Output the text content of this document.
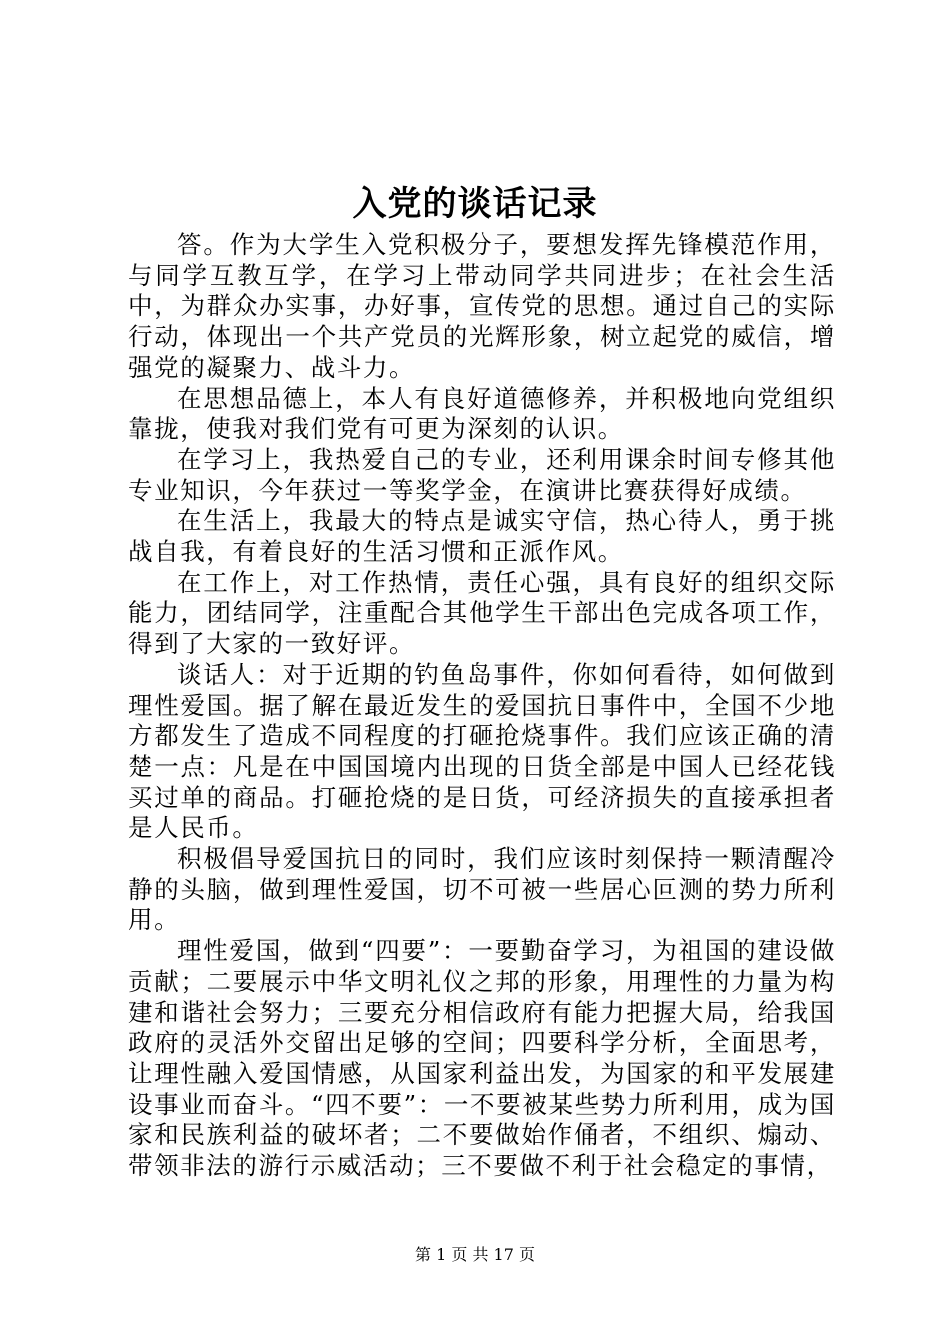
入党的谈话记录

答。作为大学生入党积极分子，要想发挥先锋模范作用，与同学互教互学，在学习上带动同学共同进步；在社会生活中，为群众办实事，办好事，宣传党的思想。通过自己的实际行动，体现出一个共产党员的光辉形象，树立起党的威信，增强党的凝聚力、战斗力。

在思想品德上，本人有良好道德修养，并积极地向党组织靠拢，使我对我们党有可更为深刻的认识。

在学习上，我热爱自己的专业，还利用课余时间专修其他专业知识，今年获过一等奖学金，在演讲比赛获得好成绩。

在生活上，我最大的特点是诚实守信，热心待人，勇于挑战自我，有着良好的生活习惯和正派作风。

在工作上，对工作热情，责任心强，具有良好的组织交际能力，团结同学，注重配合其他学生干部出色完成各项工作，得到了大家的一致好评。

谈话人：对于近期的钓鱼岛事件，你如何看待，如何做到理性爱国。据了解在最近发生的爱国抗日事件中，全国不少地方都发生了造成不同程度的打砸抢烧事件。我们应该正确的清楚一点：凡是在中国国境内出现的日货全部是中国人已经花钱买过单的商品。打砸抢烧的是日货，可经济损失的直接承担者是人民币。

积极倡导爱国抗日的同时，我们应该时刻保持一颗清醒冷静的头脑，做到理性爱国，切不可被一些居心叵测的势力所利用。

理性爱国，做到“四要”：一要勤奋学习，为祖国的建设做贡献；二要展示中华文明礼仪之邦的形象，用理性的力量为构建和谐社会努力；三要充分相信政府有能力把握大局，给我国政府的灵活外交留出足够的空间；四要科学分析，全面思考，让理性融入爱国情感，从国家利益出发，为国家的和平发展建设事业而奋斗。“四不要”：一不要被某些势力所利用，成为国家和民族利益的破坏者；二不要做始作俑者，不组织、煽动、带领非法的游行示威活动；三不要做不利于社会稳定的事情，

第 1 页 共 17 页
